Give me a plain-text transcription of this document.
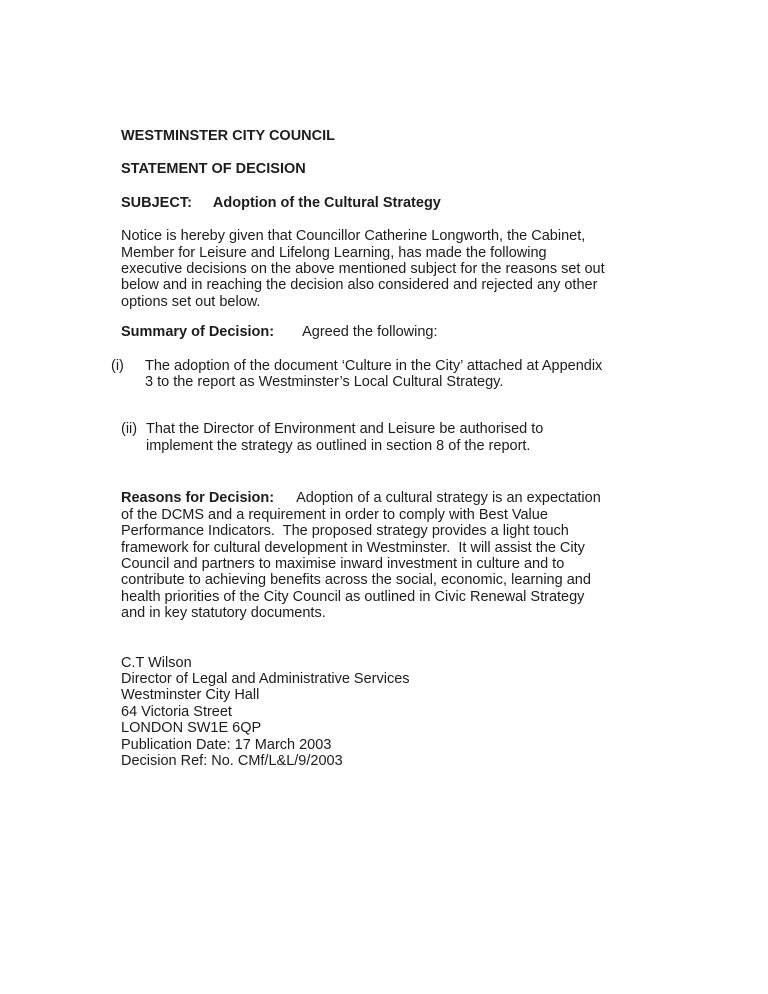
WESTMINSTER CITY COUNCIL
STATEMENT OF DECISION

SUBJECT: Adoption of the Cultural Strategy

Notice is hereby given that Councillor Catherine Longworth, the Cabinet, Member for Leisure and Lifelong Learning, has made the following executive decisions on the above mentioned subject for the reasons set out below and in reaching the decision also considered and rejected any other options set out below.

Summary of Decision: Agreed the following:

(i)	The adoption of the document ‘Culture in the City’ attached at Appendix 3 to the report as Westminster’s Local Cultural Strategy.
(ii) That the Director of Environment and Leisure be authorised to implement the strategy as outlined in section 8 of the report.

Reasons for Decision: Adoption of a cultural strategy is an expectation of the DCMS and a requirement in order to comply with Best Value Performance Indicators.  The proposed strategy provides a light touch framework for cultural development in Westminster.  It will assist the City Council and partners to maximise inward investment in culture and to contribute to achieving benefits across the social, economic, learning and health priorities of the City Council as outlined in Civic Renewal Strategy and in key statutory documents.

C.T Wilson
Director of Legal and Administrative Services
Westminster City Hall
64 Victoria Street
LONDON SW1E 6QP
Publication Date: 17 March 2003
Decision Ref: No. CMf/L&L/9/2003
